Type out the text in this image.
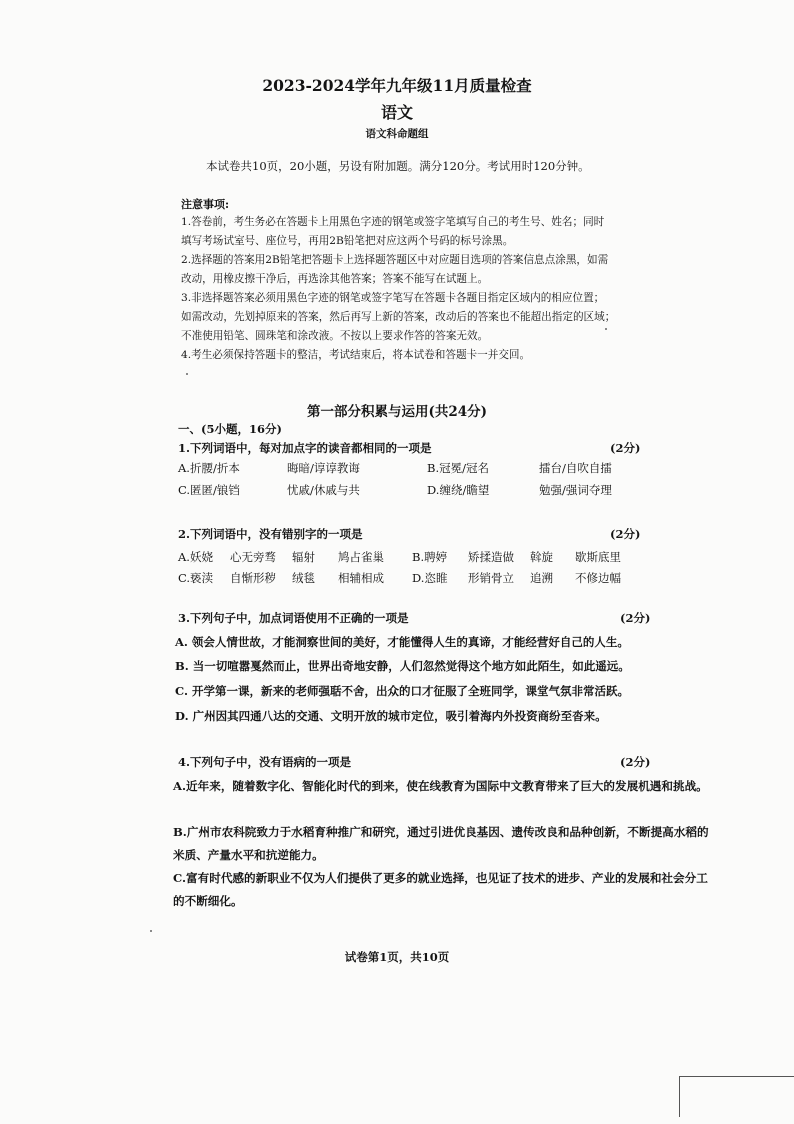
2023-2024学年九年级11月质量检查
语文
语文科命题组
本试卷共10页，20小题，另设有附加题。满分120分。考试用时120分钟。
注意事项:
1.答卷前，考生务必在答题卡上用黑色字迹的钢笔或签字笔填写自己的考生号、姓名；同时
填写考场试室号、座位号，再用2B铅笔把对应这两个号码的标号涂黑。
2.选择题的答案用2B铅笔把答题卡上选择题答题区中对应题目选项的答案信息点涂黑，如需
改动，用橡皮擦干净后，再选涂其他答案；答案不能写在试题上。
3.非选择题答案必须用黑色字迹的钢笔或签字笔写在答题卡各题目指定区域内的相应位置；
如需改动，先划掉原来的答案，然后再写上新的答案，改动后的答案也不能超出指定的区域；
不准使用铅笔、圆珠笔和涂改液。不按以上要求作答的答案无效。
4.考生必须保持答题卡的整洁，考试结束后，将本试卷和答题卡一并交回。
第一部分积累与运用(共24分)
一、(5小题，16分)
1.下列词语中，每对加点字的读音都相同的一项是	(2分)
A.折腰/折本	晦暗/谆谆教诲	B.冠冕/冠名	擂台/自吹自擂
C.匿匿/锒铛	忧戚/休戚与共	D.缠绕/瞻望	勉强/强词夺理
2.下列词语中，没有错别字的一项是	(2分)
A.妖娆 心无旁骛 辐射 鸠占雀巢 B.聘婷 矫揉造做 斡旋 歇斯底里
C.亵渎 自惭形秽 绒毯 相辅相成 D.恣睢 形销骨立 追溯 不修边幅
3.下列句子中，加点词语使用不正确的一项是	(2分)
A. 领会人情世故，才能洞察世间的美好，才能懂得人生的真谛，才能经营好自己的人生。
B. 当一切喧嚣戛然而止，世界出奇地安静，人们忽然觉得这个地方如此陌生，如此遥远。
C. 开学第一课，新来的老师强聒不舍，出众的口才征服了全班同学，课堂气氛非常活跃。
D. 广州因其四通八达的交通、文明开放的城市定位，吸引着海内外投资商纷至沓来。
4.下列句子中，没有语病的一项是	(2分)
A.近年来，随着数字化、智能化时代的到来，使在线教育为国际中文教育带来了巨大的发展机遇和挑战。
B.广州市农科院致力于水稻育种推广和研究，通过引进优良基因、遗传改良和品种创新，不断提高水稻的米质、产量水平和抗逆能力。
C.富有时代感的新职业不仅为人们提供了更多的就业选择，也见证了技术的进步、产业的发展和社会分工的不断细化。
试卷第1页，共10页
